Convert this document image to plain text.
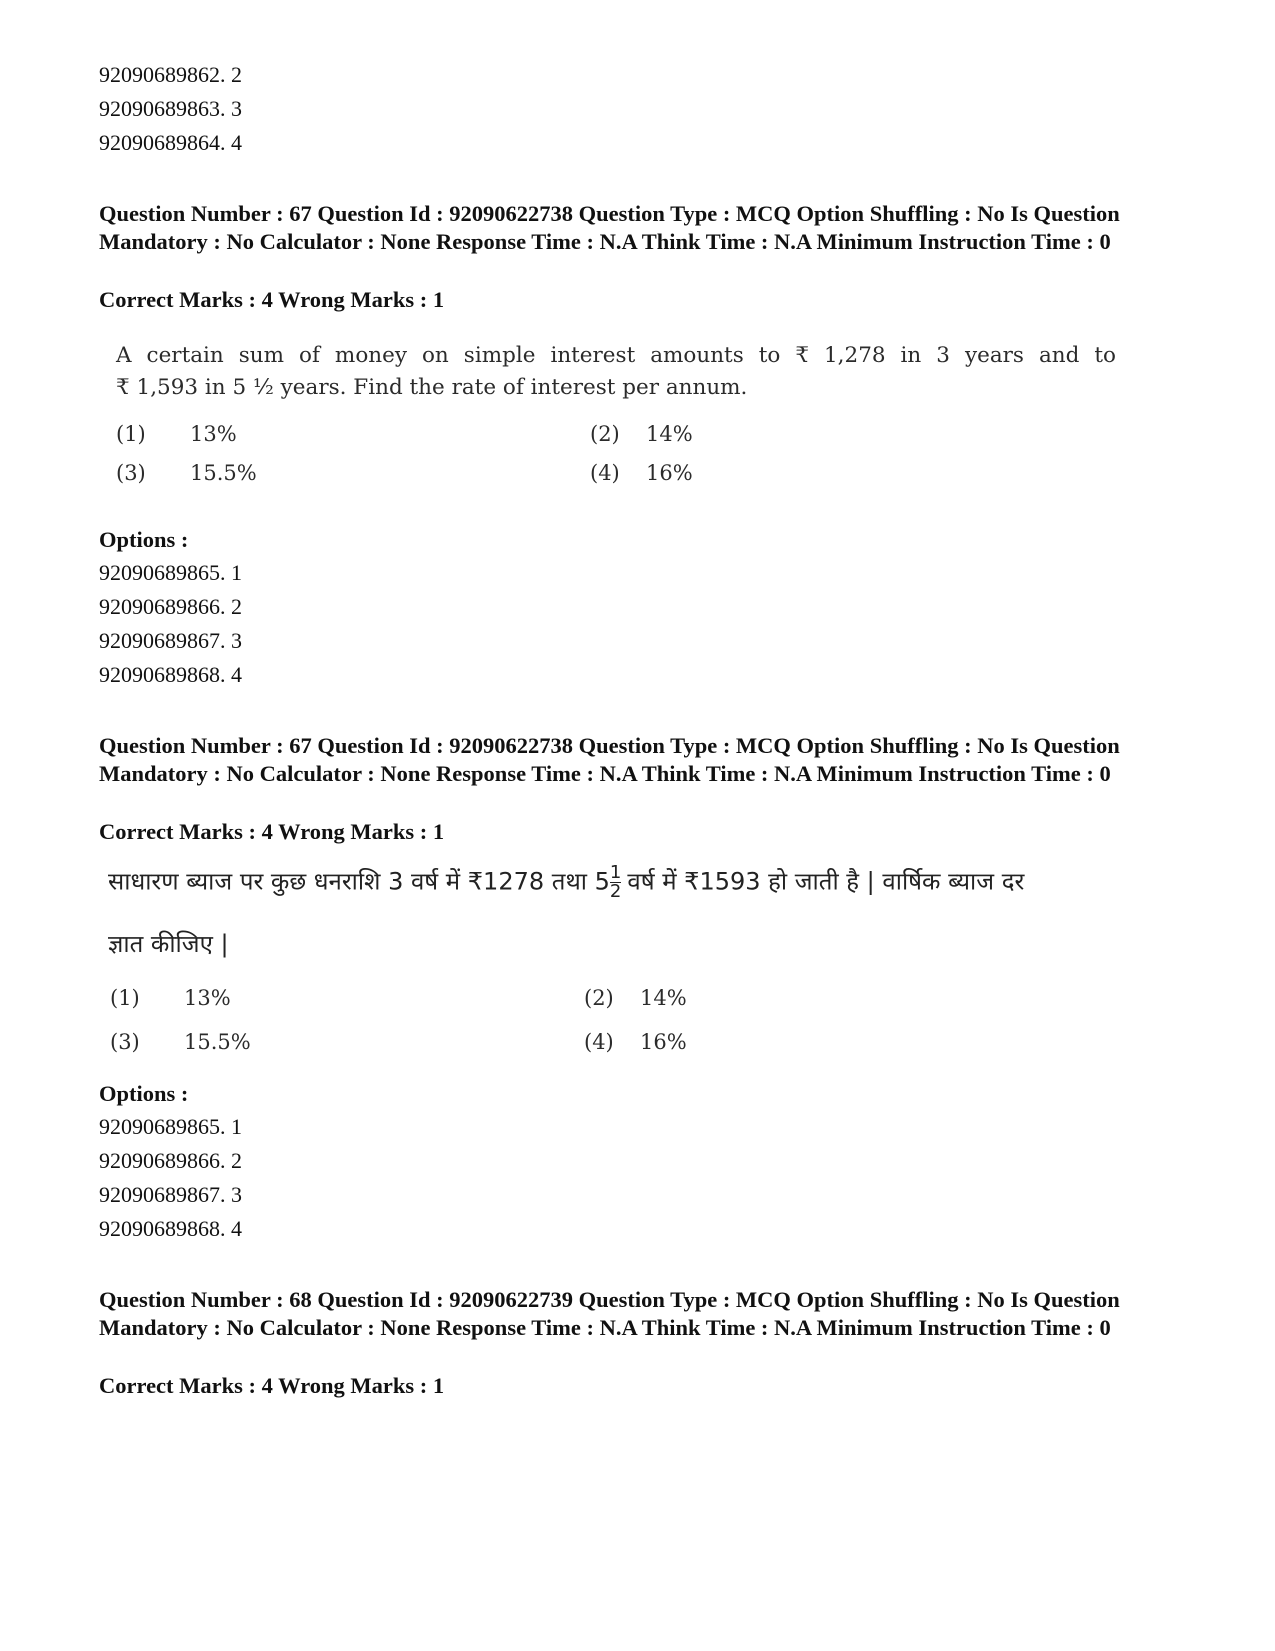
92090689862. 2
92090689863. 3
92090689864. 4
Question Number : 67 Question Id : 92090622738 Question Type : MCQ Option Shuffling : No Is Question Mandatory : No Calculator : None Response Time : N.A Think Time : N.A Minimum Instruction Time : 0
Correct Marks : 4 Wrong Marks : 1
A certain sum of money on simple interest amounts to ₹ 1,278 in 3 years and to
₹ 1,593 in 5 ½ years. Find the rate of interest per annum.
(1) 13%	(2) 14%
(3) 15.5%	(4) 16%
Options :
92090689865. 1
92090689866. 2
92090689867. 3
92090689868. 4
Question Number : 67 Question Id : 92090622738 Question Type : MCQ Option Shuffling : No Is Question Mandatory : No Calculator : None Response Time : N.A Think Time : N.A Minimum Instruction Time : 0
Correct Marks : 4 Wrong Marks : 1
साधारण ब्याज पर कुछ धनराशि 3 वर्ष में ₹1278 तथा $5 \frac{1}{2}$ वर्ष में ₹1593 हो जाती है | वार्षिक ब्याज दर
ज्ञात कीजिए |
(1) 13%	(2) 14%
(3) 15.5%	(4) 16%
Options :
92090689865. 1
92090689866. 2
92090689867. 3
92090689868. 4
Question Number : 68 Question Id : 92090622739 Question Type : MCQ Option Shuffling : No Is Question Mandatory : No Calculator : None Response Time : N.A Think Time : N.A Minimum Instruction Time : 0
Correct Marks : 4 Wrong Marks : 1
